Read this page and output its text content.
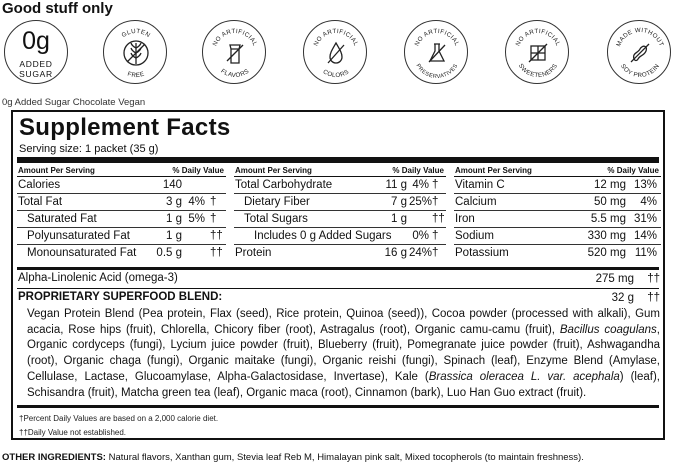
Good stuff only
0g
ADDED
SUGAR
GLUTEN
FREE
NO ARTIFICIAL
FLAVORS
NO ARTIFICIAL
COLORS
NO ARTIFICIAL
PRESERVATIVES
NO ARTIFICIAL
SWEETENERS
MADE WITHOUT
SOY PROTEIN
0g Added Sugar Chocolate Vegan
Supplement Facts
Serving size: 1 packet (35 g)
Amount Per Serving	% Daily Value
Calories	140
Total Fat	3 g 4% †
Saturated Fat	1 g 5% †
Polyunsaturated Fat	1 g ††
Monounsaturated Fat	0.5 g ††
Amount Per Serving	% Daily Value
Total Carbohydrate	11 g 4% †
Dietary Fiber	7 g 25% †
Total Sugars	1 g ††
Includes 0 g Added Sugars 0% †
Protein	16 g 24% †
Amount Per Serving	% Daily Value
Vitamin C	12 mg 13%
Calcium	50 mg	4%
Iron	5.5 mg 31%
Sodium	330 mg 14%
Potassium	520 mg 11%
Alpha-Linolenic Acid (omega-3)	275 mg ††
PROPRIETARY SUPERFOOD BLEND:	32 g ††
Vegan Protein Blend (Pea protein, Flax (seed), Rice protein, Quinoa (seed)), Cocoa powder (processed with alkali), Gum acacia, Rose hips (fruit), Chlorella, Chicory fiber (root), Astragalus (root), Organic camu-camu (fruit), Bacillus coagulans, Organic cordyceps (fungi), Lycium juice powder (fruit), Blueberry (fruit), Pomegranate juice powder (fruit), Ashwagandha (root), Organic chaga (fungi), Organic maitake (fungi), Organic reishi (fungi), Spinach (leaf), Enzyme Blend (Amylase, Cellulase, Lactase, Glucoamylase, Alpha-Galactosidase, Invertase), Kale (Brassica oleracea L. var. acephala) (leaf), Schisandra (fruit), Matcha green tea (leaf), Organic maca (root), Cinnamon (bark), Luo Han Guo extract (fruit).
†Percent Daily Values are based on a 2,000 calorie diet.
††Daily Value not established.
OTHER INGREDIENTS: Natural flavors, Xanthan gum, Stevia leaf Reb M, Himalayan pink salt, Mixed tocopherols (to maintain freshness).
